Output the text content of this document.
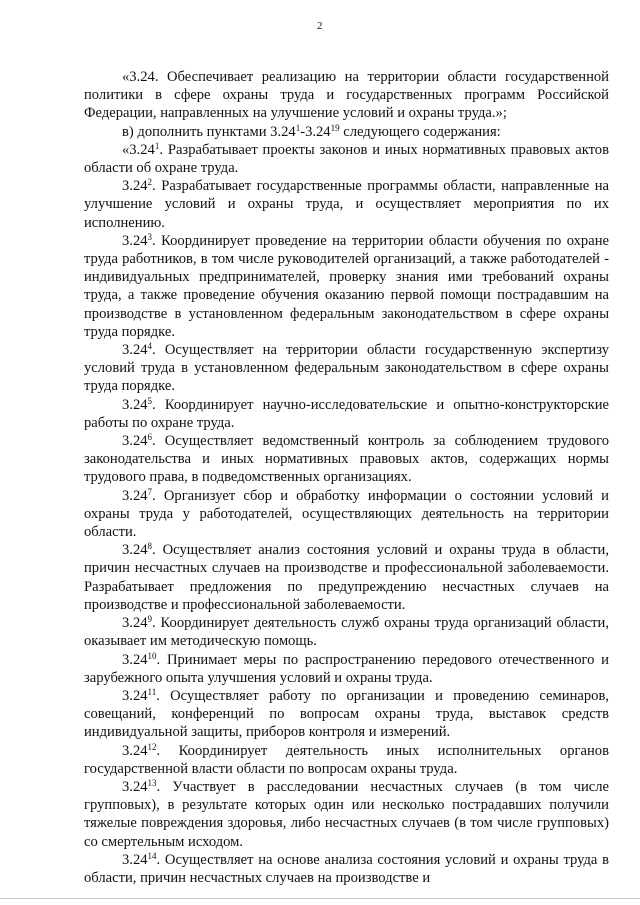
2

«3.24. Обеспечивает реализацию на территории области государственной политики в сфере охраны труда и государственных программ Российской Федерации, направленных на улучшение условий и охраны труда.»;

в) дополнить пунктами 3.24$^1$-3.24$^{19}$ следующего содержания:

«3.24$^1$. Разрабатывает проекты законов и иных нормативных правовых актов области об охране труда.

3.24$^2$. Разрабатывает государственные программы области, направленные на улучшение условий и охраны труда, и осуществляет мероприятия по их исполнению.

3.24$^3$. Координирует проведение на территории области обучения по охране труда работников, в том числе руководителей организаций, а также работодателей - индивидуальных предпринимателей, проверку знания ими требований охраны труда, а также проведение обучения оказанию первой помощи пострадавшим на производстве в установленном федеральным законодательством в сфере охраны труда порядке.

3.24$^4$. Осуществляет на территории области государственную экспертизу условий труда в установленном федеральным законодательством в сфере охраны труда порядке.

3.24$^5$. Координирует научно-исследовательские и опытно-конструкторские работы по охране труда.

3.24$^6$. Осуществляет ведомственный контроль за соблюдением трудового законодательства и иных нормативных правовых актов, содержащих нормы трудового права, в подведомственных организациях.

3.24$^7$. Организует сбор и обработку информации о состоянии условий и охраны труда у работодателей, осуществляющих деятельность на территории области.

3.24$^8$. Осуществляет анализ состояния условий и охраны труда в области, причин несчастных случаев на производстве и профессиональной заболеваемости. Разрабатывает предложения по предупреждению несчастных случаев на производстве и профессиональной заболеваемости.

3.24$^9$. Координирует деятельность служб охраны труда организаций области, оказывает им методическую помощь.

3.24$^{10}$. Принимает меры по распространению передового отечественного и зарубежного опыта улучшения условий и охраны труда.

3.24$^{11}$. Осуществляет работу по организации и проведению семинаров, совещаний, конференций по вопросам охраны труда, выставок средств индивидуальной защиты, приборов контроля и измерений.

3.24$^{12}$. Координирует деятельность иных исполнительных органов государственной власти области по вопросам охраны труда.

3.24$^{13}$. Участвует в расследовании несчастных случаев (в том числе групповых), в результате которых один или несколько пострадавших получили тяжелые повреждения здоровья, либо несчастных случаев (в том числе групповых) со смертельным исходом.

3.24$^{14}$. Осуществляет на основе анализа состояния условий и охраны труда в области, причин несчастных случаев на производстве и
